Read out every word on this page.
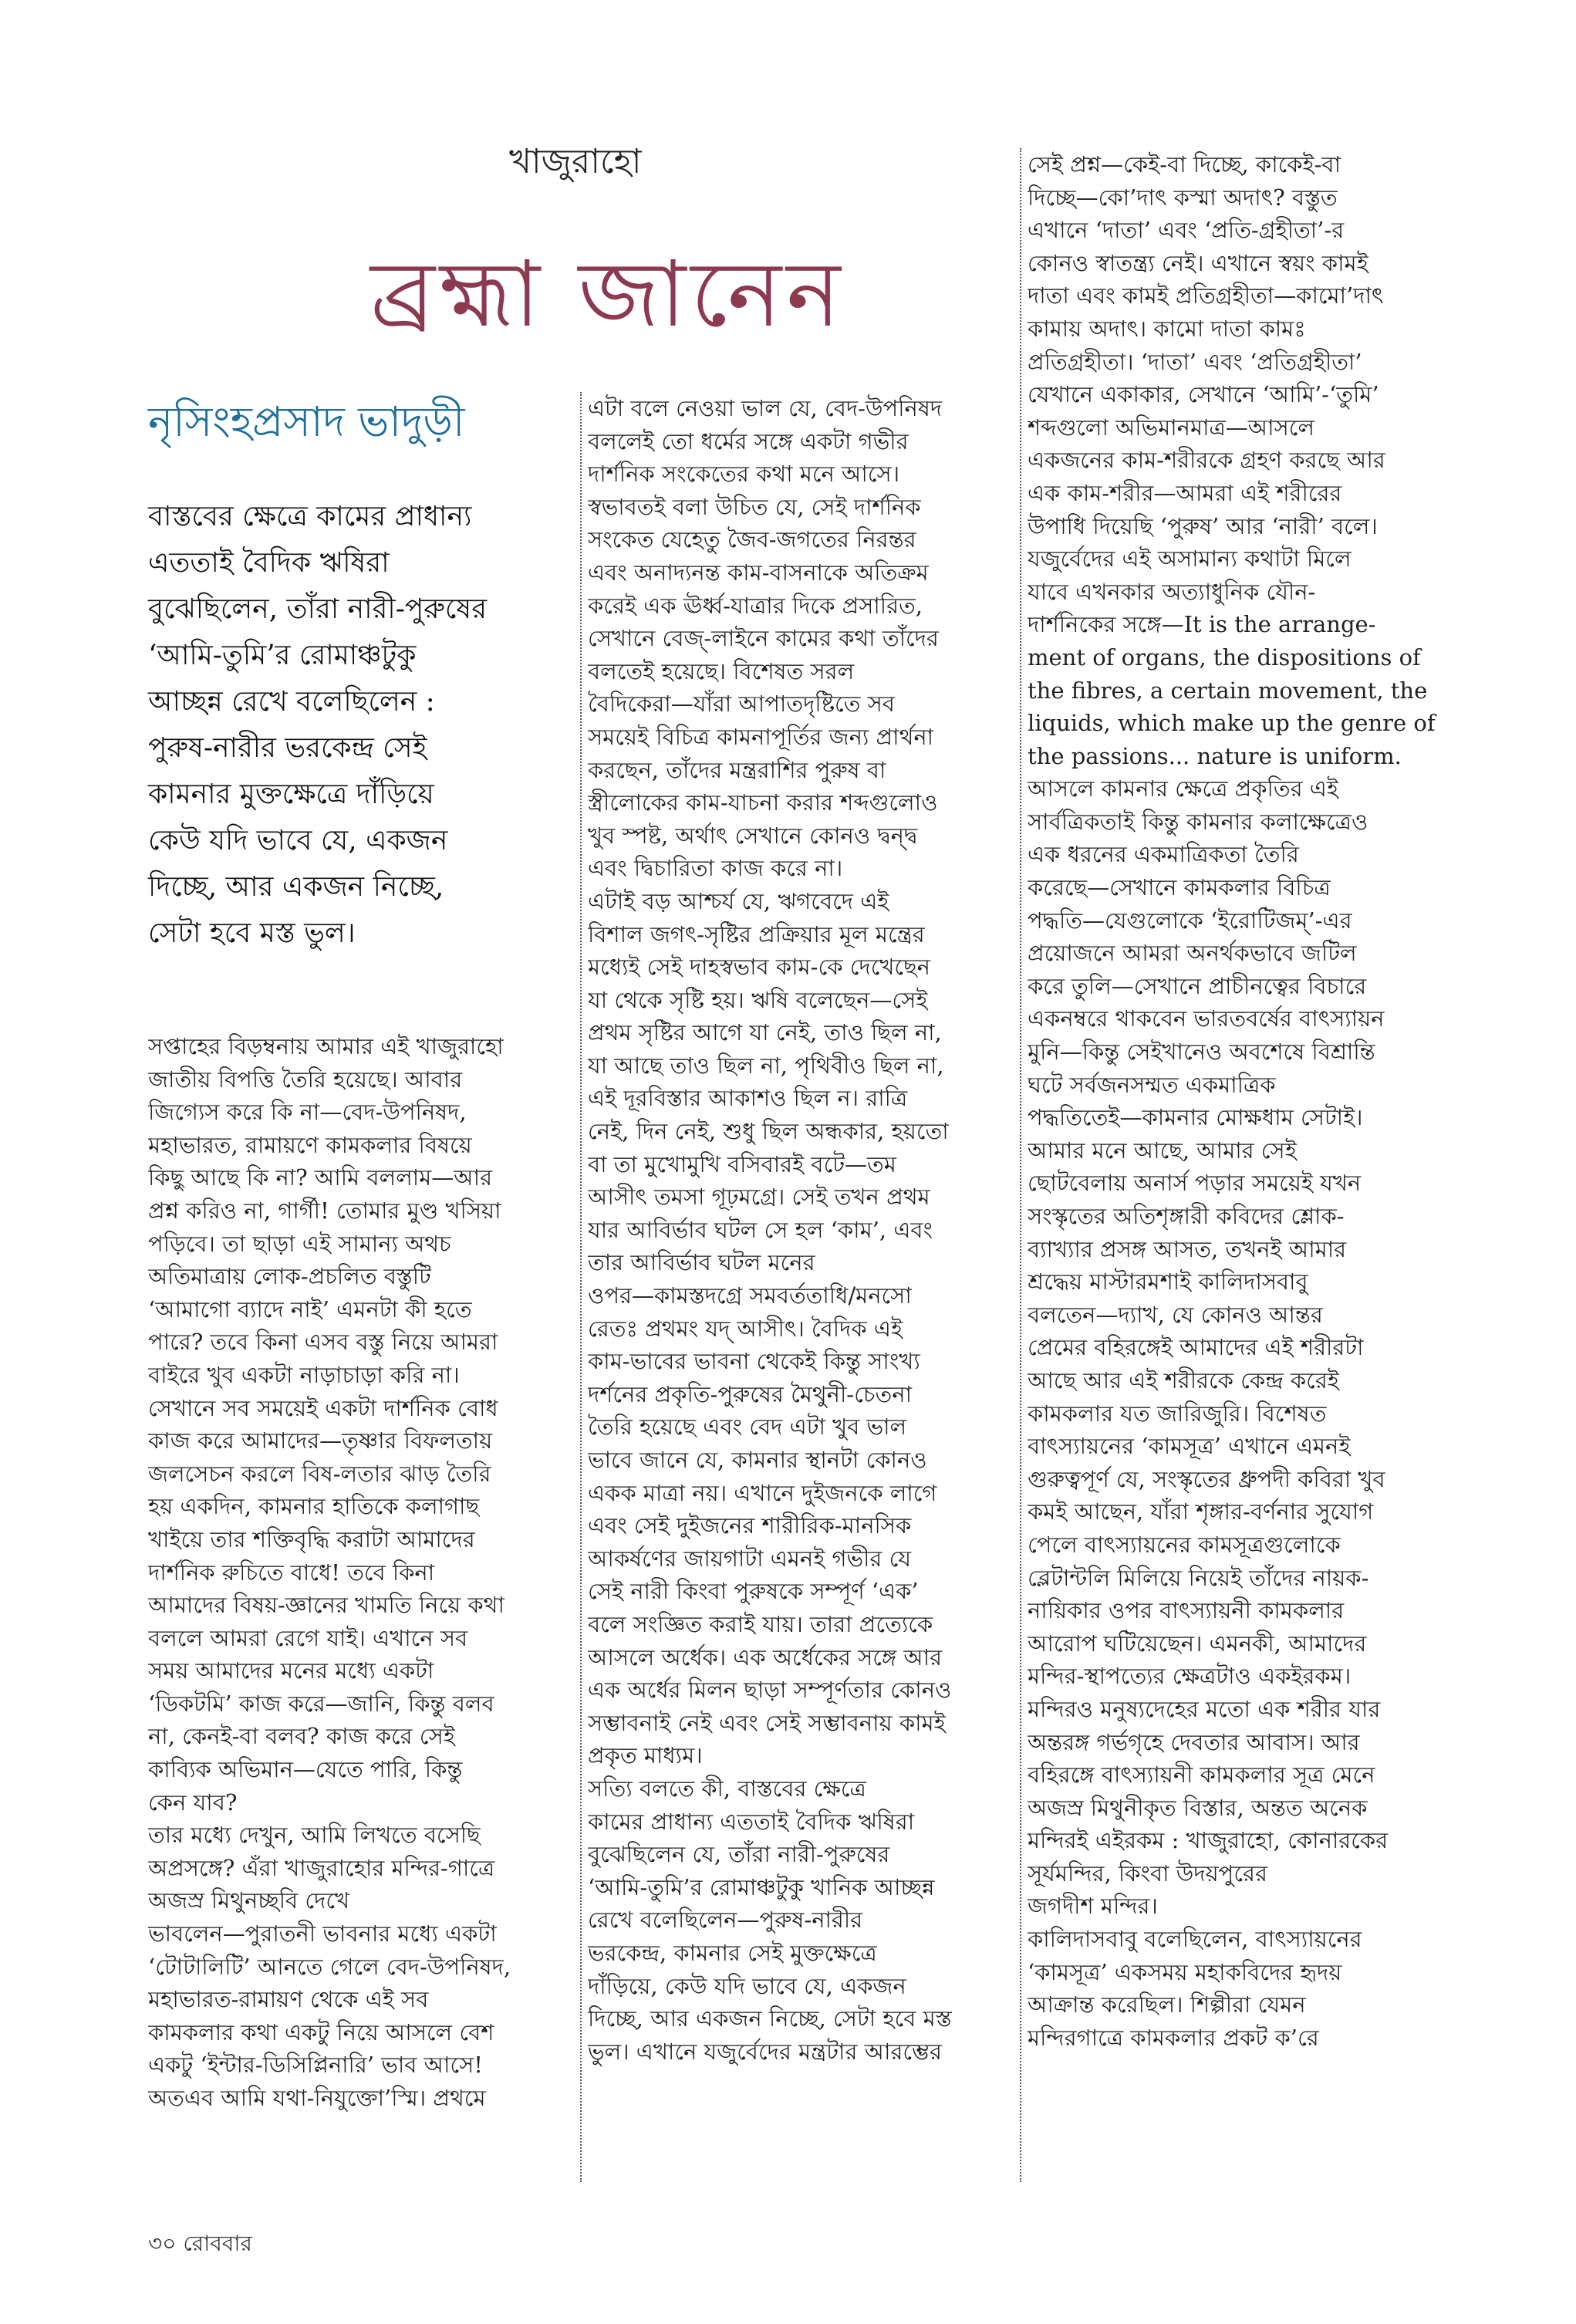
খাজুরাহো
ব্রহ্মা জানেন
নৃসিংহপ্রসাদ ভাদুড়ী
বাস্তবের ক্ষেত্রে কামের প্রাধান্য
এততাই বৈদিক ঋষিরা
বুঝেছিলেন, তাঁরা নারী-পুরুষের
‘আমি-তুমি’র রোমাঞ্চটুকু
আচ্ছন্ন রেখে বলেছিলেন :
পুরুষ-নারীর ভরকেন্দ্র সেই
কামনার মুক্তক্ষেত্রে দাঁড়িয়ে
কেউ যদি ভাবে যে, একজন
দিচ্ছে, আর একজন নিচ্ছে,
সেটা হবে মস্ত ভুল।
সপ্তাহের বিড়ম্বনায় আমার এই খাজুরাহো
জাতীয় বিপত্তি তৈরি হয়েছে। আবার
জিগ্যেস করে কি না—বেদ-উপনিষদ,
মহাভারত, রামায়ণে কামকলার বিষয়ে
কিছু আছে কি না? আমি বললাম—আর
প্রশ্ন করিও না, গার্গী! তোমার মুণ্ড খসিয়া
পড়িবে। তা ছাড়া এই সামান্য অথচ
অতিমাত্রায় লোক-প্রচলিত বস্তুটি
‘আমাগো ব্যাদে নাই’ এমনটা কী হতে
পারে? তবে কিনা এসব বস্তু নিয়ে আমরা
বাইরে খুব একটা নাড়াচাড়া করি না।
সেখানে সব সময়েই একটা দার্শনিক বোধ
কাজ করে আমাদের—তৃষ্ণার বিফলতায়
জলসেচন করলে বিষ-লতার ঝাড় তৈরি
হয় একদিন, কামনার হাতিকে কলাগাছ
খাইয়ে তার শক্তিবৃদ্ধি করাটা আমাদের
দার্শনিক রুচিতে বাধে! তবে কিনা
আমাদের বিষয়-জ্ঞানের খামতি নিয়ে কথা
বললে আমরা রেগে যাই। এখানে সব
সময় আমাদের মনের মধ্যে একটা
‘ডিকটমি’ কাজ করে—জানি, কিন্তু বলব
না, কেনই-বা বলব? কাজ করে সেই
কাব্যিক অভিমান—যেতে পারি, কিন্তু
কেন যাব?
তার মধ্যে দেখুন, আমি লিখতে বসেছি
অপ্রসঙ্গে? এঁরা খাজুরাহোর মন্দির-গাত্রে
অজস্র মিথুনচ্ছবি দেখে
ভাবলেন—পুরাতনী ভাবনার মধ্যে একটা
‘টোটালিটি’ আনতে গেলে বেদ-উপনিষদ,
মহাভারত-রামায়ণ থেকে এই সব
কামকলার কথা একটু নিয়ে আসলে বেশ
একটু ‘ইন্টার-ডিসিপ্লিনারি’ ভাব আসে!
অতএব আমি যথা-নিযুক্তো’স্মি। প্রথমে
এটা বলে নেওয়া ভাল যে, বেদ-উপনিষদ
বললেই তো ধর্মের সঙ্গে একটা গভীর
দার্শনিক সংকেতের কথা মনে আসে।
স্বভাবতই বলা উচিত যে, সেই দার্শনিক
সংকেত যেহেতু জৈব-জগতের নিরন্তর
এবং অনাদ্যনন্ত কাম-বাসনাকে অতিক্রম
করেই এক ঊর্ধ্ব-যাত্রার দিকে প্রসারিত,
সেখানে বেজ্-লাইনে কামের কথা তাঁদের
বলতেই হয়েছে। বিশেষত সরল
বৈদিকেরা—যাঁরা আপাতদৃষ্টিতে সব
সময়েই বিচিত্র কামনাপূর্তির জন্য প্রার্থনা
করছেন, তাঁদের মন্ত্ররাশির পুরুষ বা
স্ত্রীলোকের কাম-যাচনা করার শব্দগুলোও
খুব স্পষ্ট, অর্থাৎ সেখানে কোনও দ্বন্দ্ব
এবং দ্বিচারিতা কাজ করে না।
এটাই বড় আশ্চর্য যে, ঋগবেদে এই
বিশাল জগৎ-সৃষ্টির প্রক্রিয়ার মূল মন্ত্রের
মধ্যেই সেই দাহস্বভাব কাম-কে দেখেছেন
যা থেকে সৃষ্টি হয়। ঋষি বলেছেন—সেই
প্রথম সৃষ্টির আগে যা নেই, তাও ছিল না,
যা আছে তাও ছিল না, পৃথিবীও ছিল না,
এই দূরবিস্তার আকাশও ছিল ন। রাত্রি
নেই, দিন নেই, শুধু ছিল অন্ধকার, হয়তো
বা তা মুখোমুখি বসিবারই বটে—তম
আসীৎ তমসা গূঢ়মগ্রে। সেই তখন প্রথম
যার আবির্ভাব ঘটল সে হল ‘কাম’, এবং
তার আবির্ভাব ঘটল মনের
ওপর—কামস্তদগ্রে সমবর্ততাধি/মনসো
রেতঃ প্রথমং যদ্ আসীৎ। বৈদিক এই
কাম-ভাবের ভাবনা থেকেই কিন্তু সাংখ্য
দর্শনের প্রকৃতি-পুরুষের মৈথুনী-চেতনা
তৈরি হয়েছে এবং বেদ এটা খুব ভাল
ভাবে জানে যে, কামনার স্থানটা কোনও
একক মাত্রা নয়। এখানে দুইজনকে লাগে
এবং সেই দুইজনের শারীরিক-মানসিক
আকর্ষণের জায়গাটা এমনই গভীর যে
সেই নারী কিংবা পুরুষকে সম্পূর্ণ ‘এক’
বলে সংজ্ঞিত করাই যায়। তারা প্রত্যেকে
আসলে অর্ধেক। এক অর্ধেকের সঙ্গে আর
এক অর্ধের মিলন ছাড়া সম্পূর্ণতার কোনও
সম্ভাবনাই নেই এবং সেই সম্ভাবনায় কামই
প্রকৃত মাধ্যম।
সত্যি বলতে কী, বাস্তবের ক্ষেত্রে
কামের প্রাধান্য এততাই বৈদিক ঋষিরা
বুঝেছিলেন যে, তাঁরা নারী-পুরুষের
‘আমি-তুমি’র রোমাঞ্চটুকু খানিক আচ্ছন্ন
রেখে বলেছিলেন—পুরুষ-নারীর
ভরকেন্দ্র, কামনার সেই মুক্তক্ষেত্রে
দাঁড়িয়ে, কেউ যদি ভাবে যে, একজন
দিচ্ছে, আর একজন নিচ্ছে, সেটা হবে মস্ত
ভুল। এখানে যজুর্বেদের মন্ত্রটার আরম্ভের
সেই প্রশ্ন—কেই-বা দিচ্ছে, কাকেই-বা
দিচ্ছে—কো’দাৎ কস্মা অদাৎ? বস্তুত
এখানে ‘দাতা’ এবং ‘প্রতি-গ্রহীতা’-র
কোনও স্বাতন্ত্র্য নেই। এখানে স্বয়ং কামই
দাতা এবং কামই প্রতিগ্রহীতা—কামো’দাৎ
কামায় অদাৎ। কামো দাতা কামঃ
প্রতিগ্রহীতা। ‘দাতা’ এবং ‘প্রতিগ্রহীতা’
যেখানে একাকার, সেখানে ‘আমি’-‘তুমি’
শব্দগুলো অভিমানমাত্র—আসলে
একজনের কাম-শরীরকে গ্রহণ করছে আর
এক কাম-শরীর—আমরা এই শরীরের
উপাধি দিয়েছি ‘পুরুষ’ আর ‘নারী’ বলে।
যজুর্বেদের এই অসামান্য কথাটা মিলে
যাবে এখনকার অত্যাধুনিক যৌন-
দার্শনিকের সঙ্গে—It is the arrange-
ment of organs, the dispositions of
the fibres, a certain movement, the
liquids, which make up the genre of
the passions... nature is uniform.
আসলে কামনার ক্ষেত্রে প্রকৃতির এই
সার্বত্রিকতাই কিন্তু কামনার কলাক্ষেত্রেও
এক ধরনের একমাত্রিকতা তৈরি
করেছে—সেখানে কামকলার বিচিত্র
পদ্ধতি—যেগুলোকে ‘ইরোটিজম্’-এর
প্রয়োজনে আমরা অনর্থকভাবে জটিল
করে তুলি—সেখানে প্রাচীনত্বের বিচারে
একনম্বরে থাকবেন ভারতবর্ষের বাৎস্যায়ন
মুনি—কিন্তু সেইখানেও অবশেষে বিশ্রান্তি
ঘটে সর্বজনসম্মত একমাত্রিক
পদ্ধতিতেই—কামনার মোক্ষধাম সেটাই।
আমার মনে আছে, আমার সেই
ছোটবেলায় অনার্স পড়ার সময়েই যখন
সংস্কৃতের অতিশৃঙ্গারী কবিদের শ্লোক-
ব্যাখ্যার প্রসঙ্গ আসত, তখনই আমার
শ্রদ্ধেয় মাস্টারমশাই কালিদাসবাবু
বলতেন—দ্যাখ, যে কোনও আন্তর
প্রেমের বহিরঙ্গেই আমাদের এই শরীরটা
আছে আর এই শরীরকে কেন্দ্র করেই
কামকলার যত জারিজুরি। বিশেষত
বাৎস্যায়নের ‘কামসূত্র’ এখানে এমনই
গুরুত্বপূর্ণ যে, সংস্কৃতের ধ্রুপদী কবিরা খুব
কমই আছেন, যাঁরা শৃঙ্গার-বর্ণনার সুযোগ
পেলে বাৎস্যায়নের কামসূত্রগুলোকে
ব্লেটান্টলি মিলিয়ে নিয়েই তাঁদের নায়ক-
নায়িকার ওপর বাৎস্যায়নী কামকলার
আরোপ ঘটিয়েছেন। এমনকী, আমাদের
মন্দির-স্থাপত্যের ক্ষেত্রটাও একইরকম।
মন্দিরও মনুষ্যদেহের মতো এক শরীর যার
অন্তরঙ্গ গর্ভগৃহে দেবতার আবাস। আর
বহিরঙ্গে বাৎস্যায়নী কামকলার সূত্র মেনে
অজস্র মিথুনীকৃত বিস্তার, অন্তত অনেক
মন্দিরই এইরকম : খাজুরাহো, কোনারকের
সূর্যমন্দির, কিংবা উদয়পুরের
জগদীশ মন্দির।
কালিদাসবাবু বলেছিলেন, বাৎস্যায়নের
‘কামসূত্র’ একসময় মহাকবিদের হৃদয়
আক্রান্ত করেছিল। শিল্পীরা যেমন
মন্দিরগাত্রে কামকলার প্রকট ক’রে
৩০ রোববার
